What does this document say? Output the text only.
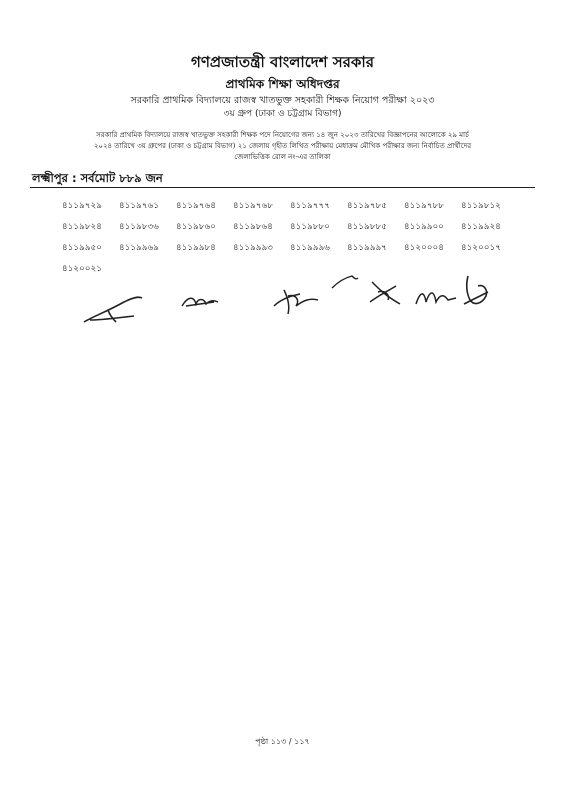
গণপ্রজাতন্ত্রী বাংলাদেশ সরকার
প্রাথমিক শিক্ষা অধিদপ্তর
সরকারি প্রাথমিক বিদ্যালয়ে রাজস্ব খাতভুক্ত সহকারী শিক্ষক নিয়োগ পরীক্ষা ২০২৩
৩য় গ্রুপ (ঢাকা ও চট্টগ্রাম বিভাগ)
সরকারি প্রাথমিক বিদ্যালয়ে রাজস্ব খাতভুক্ত সহকারী শিক্ষক পদে নিয়োগের জন্য ১৪ জুন ২০২৩ তারিখের বিজ্ঞাপনের আলোকে ২৯ মার্চ
২০২৪ তারিখে ৩য় গ্রুপের (ঢাকা ও চট্টগ্রাম বিভাগ) ২১ জেলায় গৃহীত লিখিত পরীক্ষায় মেধাক্রম মৌখিক পরীক্ষার জন্য নির্বাচিত প্রার্থীদের
জেলাভিত্তিক রোল নং-এর তালিকা
লক্ষ্মীপুর : সর্বমোট ৮৮৯ জন
৪১১৯৭২৯	৪১১৯৭৬১	৪১১৯৭৬৪	৪১১৯৭৬৮	৪১১৯৭৭৭	৪১১৯৭৮৫	৪১১৯৭৮৮	৪১১৯৮১২
৪১১৯৮২৪	৪১১৯৮৩৬	৪১১৯৮৬০	৪১১৯৮৬৪	৪১১৯৮৮০	৪১১৯৮৮৫	৪১১৯৯০০	৪১১৯৯২৪
৪১১৯৯৫০	৪১১৯৯৬৯	৪১১৯৯৮৪	৪১১৯৯৯৩	৪১১৯৯৯৬	৪১১৯৯৯৭	৪১২০০০৪	৪১২০০১৭
৪১২০০২১
পৃষ্ঠা ১১৩ / ১১৭
